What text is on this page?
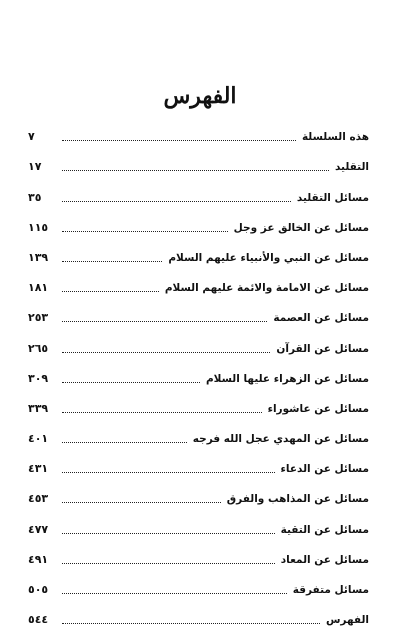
الفهرس
٧	هذه السلسلة
١٧	التقليد
٣٥	مسائل التقليد
١١٥	مسائل عن الخالق عز وجل
١٣٩	مسائل عن النبي والأنبياء عليهم السلام
١٨١	مسائل عن الامامة والائمة عليهم السلام
٢٥٣	مسائل عن العصمة
٢٦٥	مسائل عن القرآن
٣٠٩	مسائل عن الزهراء عليها السلام
٣٣٩	مسائل عن عاشوراء
٤٠١	مسائل عن المهدي عجل الله فرجه
٤٣١	مسائل عن الدعاء
٤٥٣	مسائل عن المذاهب والفرق
٤٧٧	مسائل عن التقية
٤٩١	مسائل عن المعاد
٥٠٥	مسائل متفرقة
٥٤٤	الفهرس
